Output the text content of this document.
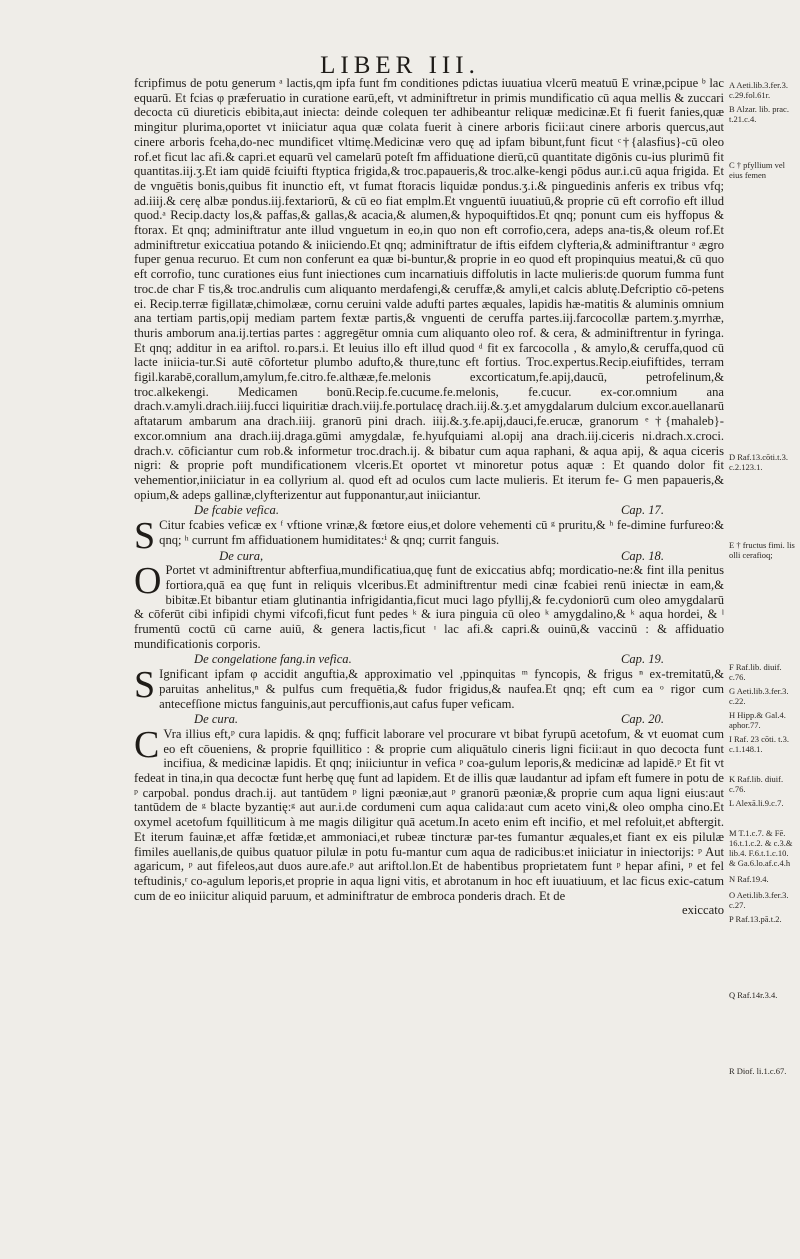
LIBER III.

fcripfimus de potu generum ᵃ lactis,qm ipfa funt fm conditiones pdictas iuuatiua vlcerū meatuū E vrinæ,pcipue ᵇ lac equarū. Et fcias φ præferuatio in curatione earū,eft, vt adminiftretur in primis mundificatio cū aqua mellis & zuccari decocta cū diureticis ebibita,aut iniecta: deinde colequen ter adhibeantur reliquæ medicinæ.Et fi fuerit fanies,quæ mingitur plurima,oportet vt iniiciatur aqua quæ colata fuerit à cinere arboris ficii:aut cinere arboris quercus,aut cinere arboris fceha,do-nec mundificet vltimę.Medicinæ vero quę ad ipfam bibunt,funt ficut ᶜ†{alasfius}-cū oleo rof.et ficut lac afi.& capri.et equarū vel camelarū poteſt fm affiduatione dierū,cū quantitate digōnis cu-ius plurimū fit quantitas.iij.ʒ.Et iam quidē fciuifti ftyptica frigida,& troc.papaueris,& troc.alke-kengi pōdus aur.i.cū aqua frigida. Et de vnguētis bonis,quibus fit inunctio eft, vt fumat ftoracis liquidæ pondus.ʒ.i.& pinguedinis anferis ex tribus vfq; ad.iiij.& cerę albæ pondus.iij.fextariorū, & cū eo fiat emplm.Et vnguentū iuuatiuū,& proprie cū eft corrofio eft illud quod.ᵃ Recip.dacty los,& paffas,& gallas,& acacia,& alumen,& hypoquiftidos.Et qnq; ponunt cum eis hyffopus & ftorax. Et qnq; adminiftratur ante illud vnguetum in eo,in quo non eft corrofio,cera, adeps ana-tis,& oleum rof.Et adminiftretur exiccatiua potando & iniiciendo.Et qnq; adminiftratur de iftis eifdem clyfteria,& adminiftrantur ᵃ ægro fuper genua recuruo. Et cum non conferunt ea quæ bi-buntur,& proprie in eo quod eft propinquius meatui,& cū quo eft corrofio, tunc curationes eius funt iniectiones cum incarnatiuis diffolutis in lacte mulieris:de quorum fumma funt troc.de char F tis,& troc.andrulis cum aliquanto merdafengi,& ceruffæ,& amyli,et calcis ablutę.Defcriptio cō-petens ei. Recip.terræ figillatæ,chimolææ, cornu ceruini valde adufti partes æquales, lapidis hæ-matitis & aluminis omnium ana tertiam partis,opij mediam partem fextæ partis,& vnguenti de ceruffa partes.iij.farcocollæ partem.ʒ.myrrhæ, thuris amborum ana.ij.tertias partes : aggregētur omnia cum aliquanto oleo rof. & cera, & adminiftrentur in fyringa. Et qnq; additur in ea ariftol. ro.pars.i. Et leuius illo eft illud quod ᵈ fit ex farcocolla , & amylo,& ceruffa,quod cū lacte iniicia-tur.Si autē cōfortetur plumbo adufto,& thure,tunc eft fortius. Troc.expertus.Recip.eiufiftides, terram figil.karabē,corallum,amylum,fe.citro.fe.althææ,fe.melonis excorticatum,fe.apij,daucū, petrofelinum,& troc.alkekengi. Medicamen bonū.Recip.fe.cucume.fe.melonis, fe.cucur. ex-cor.omnium ana drach.v.amyli.drach.iiij.fucci liquiritiæ drach.viij.fe.portulacę drach.iij.&.ʒ.et amygdalarum dulcium excor.auellanarū aftatarum ambarum ana drach.iiij. granorū pini drach. iiij.&.ʒ.fe.apij,dauci,fe.erucæ, granorum ᵉ †{mahaleb}- excor.omnium ana drach.iij.draga.gūmi amygdalæ, fe.hyufquiami al.opij ana drach.iij.ciceris ni.drach.x.croci. drach.v. cōficiantur cum rob.& informetur troc.drach.ij. & bibatur cum aqua raphani, & aqua apij, & aqua ciceris nigri: & proprie poft mundificationem vlceris.Et oportet vt minoretur potus aquæ : Et quando dolor fit vehementior,iniiciatur in ea collyrium al. quod eft ad oculos cum lacte mulieris. Et iterum fe- G men papaueris,& opium,& adeps gallinæ,clyfterizentur aut fupponantur,aut iniiciantur.

De fcabie vefica.	Cap. 17.

S Citur fcabies veficæ ex ᶠ vftione vrinæ,& fœtore eius,et dolore vehementi cū ᵍ pruritu,& ʰ fe-dimine furfureo:& qnq; ʰ currunt fm affiduationem humiditates:ⁱ & qnq; currit fanguis.

De cura,	Cap. 18.

O Portet vt adminiftrentur abfterfiua,mundificatiua,quę funt de exiccatius abfq; mordicatio-ne:& fint illa penitus fortiora,quā ea quę funt in reliquis vlceribus.Et adminiftrentur medi cinæ fcabiei renū iniectæ in eam,& bibitæ.Et bibantur etiam glutinantia infrigidantia,ficut muci lago pfyllij,& fe.cydoniorū cum oleo amygdalarū & cōferūt cibi infipidi chymi vifcofi,ficut funt pedes ᵏ & iura pinguia cū oleo ᵏ amygdalino,& ᵏ aqua hordei, & ˡ frumentū coctū cū carne auiū, & genera lactis,ficut ᶦ lac afi.& capri.& ouinū,& vaccinū : & affiduatio mundificationis corporis.

De congelatione fang.in vefica.	Cap. 19.

S Ignificant ipfam φ accidit anguftia,& approximatio vel ,ppinquitas ᵐ fyncopis, & frigus ⁿ ex-tremitatū,& paruitas anhelitus,ⁿ & pulfus cum frequētia,& fudor frigidus,& naufea.Et qnq; eft cum ea ᵒ rigor cum antecefſione mictus fanguinis,aut percuffionis,aut cafus fuper veficam.

De cura.	Cap. 20.

C Vra illius eft,ᵖ cura lapidis. & qnq; fufficit laborare vel procurare vt bibat fyrupū acetofum, & vt euomat cum eo eft cōueniens, & proprie fquillitico : & proprie cum aliquātulo cineris ligni ficii:aut in quo decocta funt incifiua, & medicinæ lapidis. Et qnq; iniiciuntur in vefica ᵖ coa-gulum leporis,& medicinæ ad lapidē.ᵖ Et fit vt fedeat in tina,in qua decoctæ funt herbę quę funt ad lapidem. Et de illis quæ laudantur ad ipfam eft fumere in potu de ᵖ carpobal. pondus drach.ij. aut tantūdem ᵖ ligni pæoniæ,aut ᵖ granorū pæoniæ,& proprie cum aqua ligni eius:aut tantūdem de ᵍ blacte byzantię:ᵍ aut aur.i.de cordumeni cum aqua calida:aut cum aceto vini,& oleo ompha cino.Et oxymel acetofum fquilliticum à me magis diligitur quā acetum.In aceto enim eft incifio, et mel refoluit,et abftergit. Et iterum fauinæ,et affæ fœtidæ,et ammoniaci,et rubeæ tincturæ par-tes fumantur æquales,et fiant ex eis pilulæ fimiles auellanis,de quibus quatuor pilulæ in potu fu-mantur cum aqua de radicibus:et iniiciatur in iniectorijs: ᵖ Aut agaricum, ᵖ aut fifeleos,aut duos aure.afe.ᵖ aut ariftol.lon.Et de habentibus proprietatem funt ᵖ hepar afini, ᵖ et fel teftudinis,ʳ co-agulum leporis,et proprie in aqua ligni vitis, et abrotanum in hoc eft iuuatiuum, et lac ficus exic-catum cum de eo iniicitur aliquid paruum, et adminiftratur de embroca ponderis drach. Et de

exiccato
A Aeti.lib.3.fer.3. c.29.fol.61r.
B Alzar. lib. prac. t.21.c.4.
C † pfyllium vel eius femen
D Raf.13.cōti.t.3. c.2.123.1.
E † fructus fimi. lis olli cerafioq;
F Raf.lib. diuif. c.76.
G Aeti.lib.3.fer.3. c.22.
H Hipp.& Gal.4. aphor.77.
I Raf. 23 cōti. t.3. c.1.148.1.
K Raf.lib. diuif. c.76.
L Alexā.li.9.c.7.
M T.1.c.7. & Fē. 16.t.1.c.2. & c.3.& lib.4. F.6.t.1.c.10. & Ga.6.lo.af.c.4.h
N Raf.19.4.
O Aeti.lib.3.fer.3. c.27.
P Raf.13.pā.t.2.
Q Raf.14r.3.4.
R Diof. li.1.c.67.
